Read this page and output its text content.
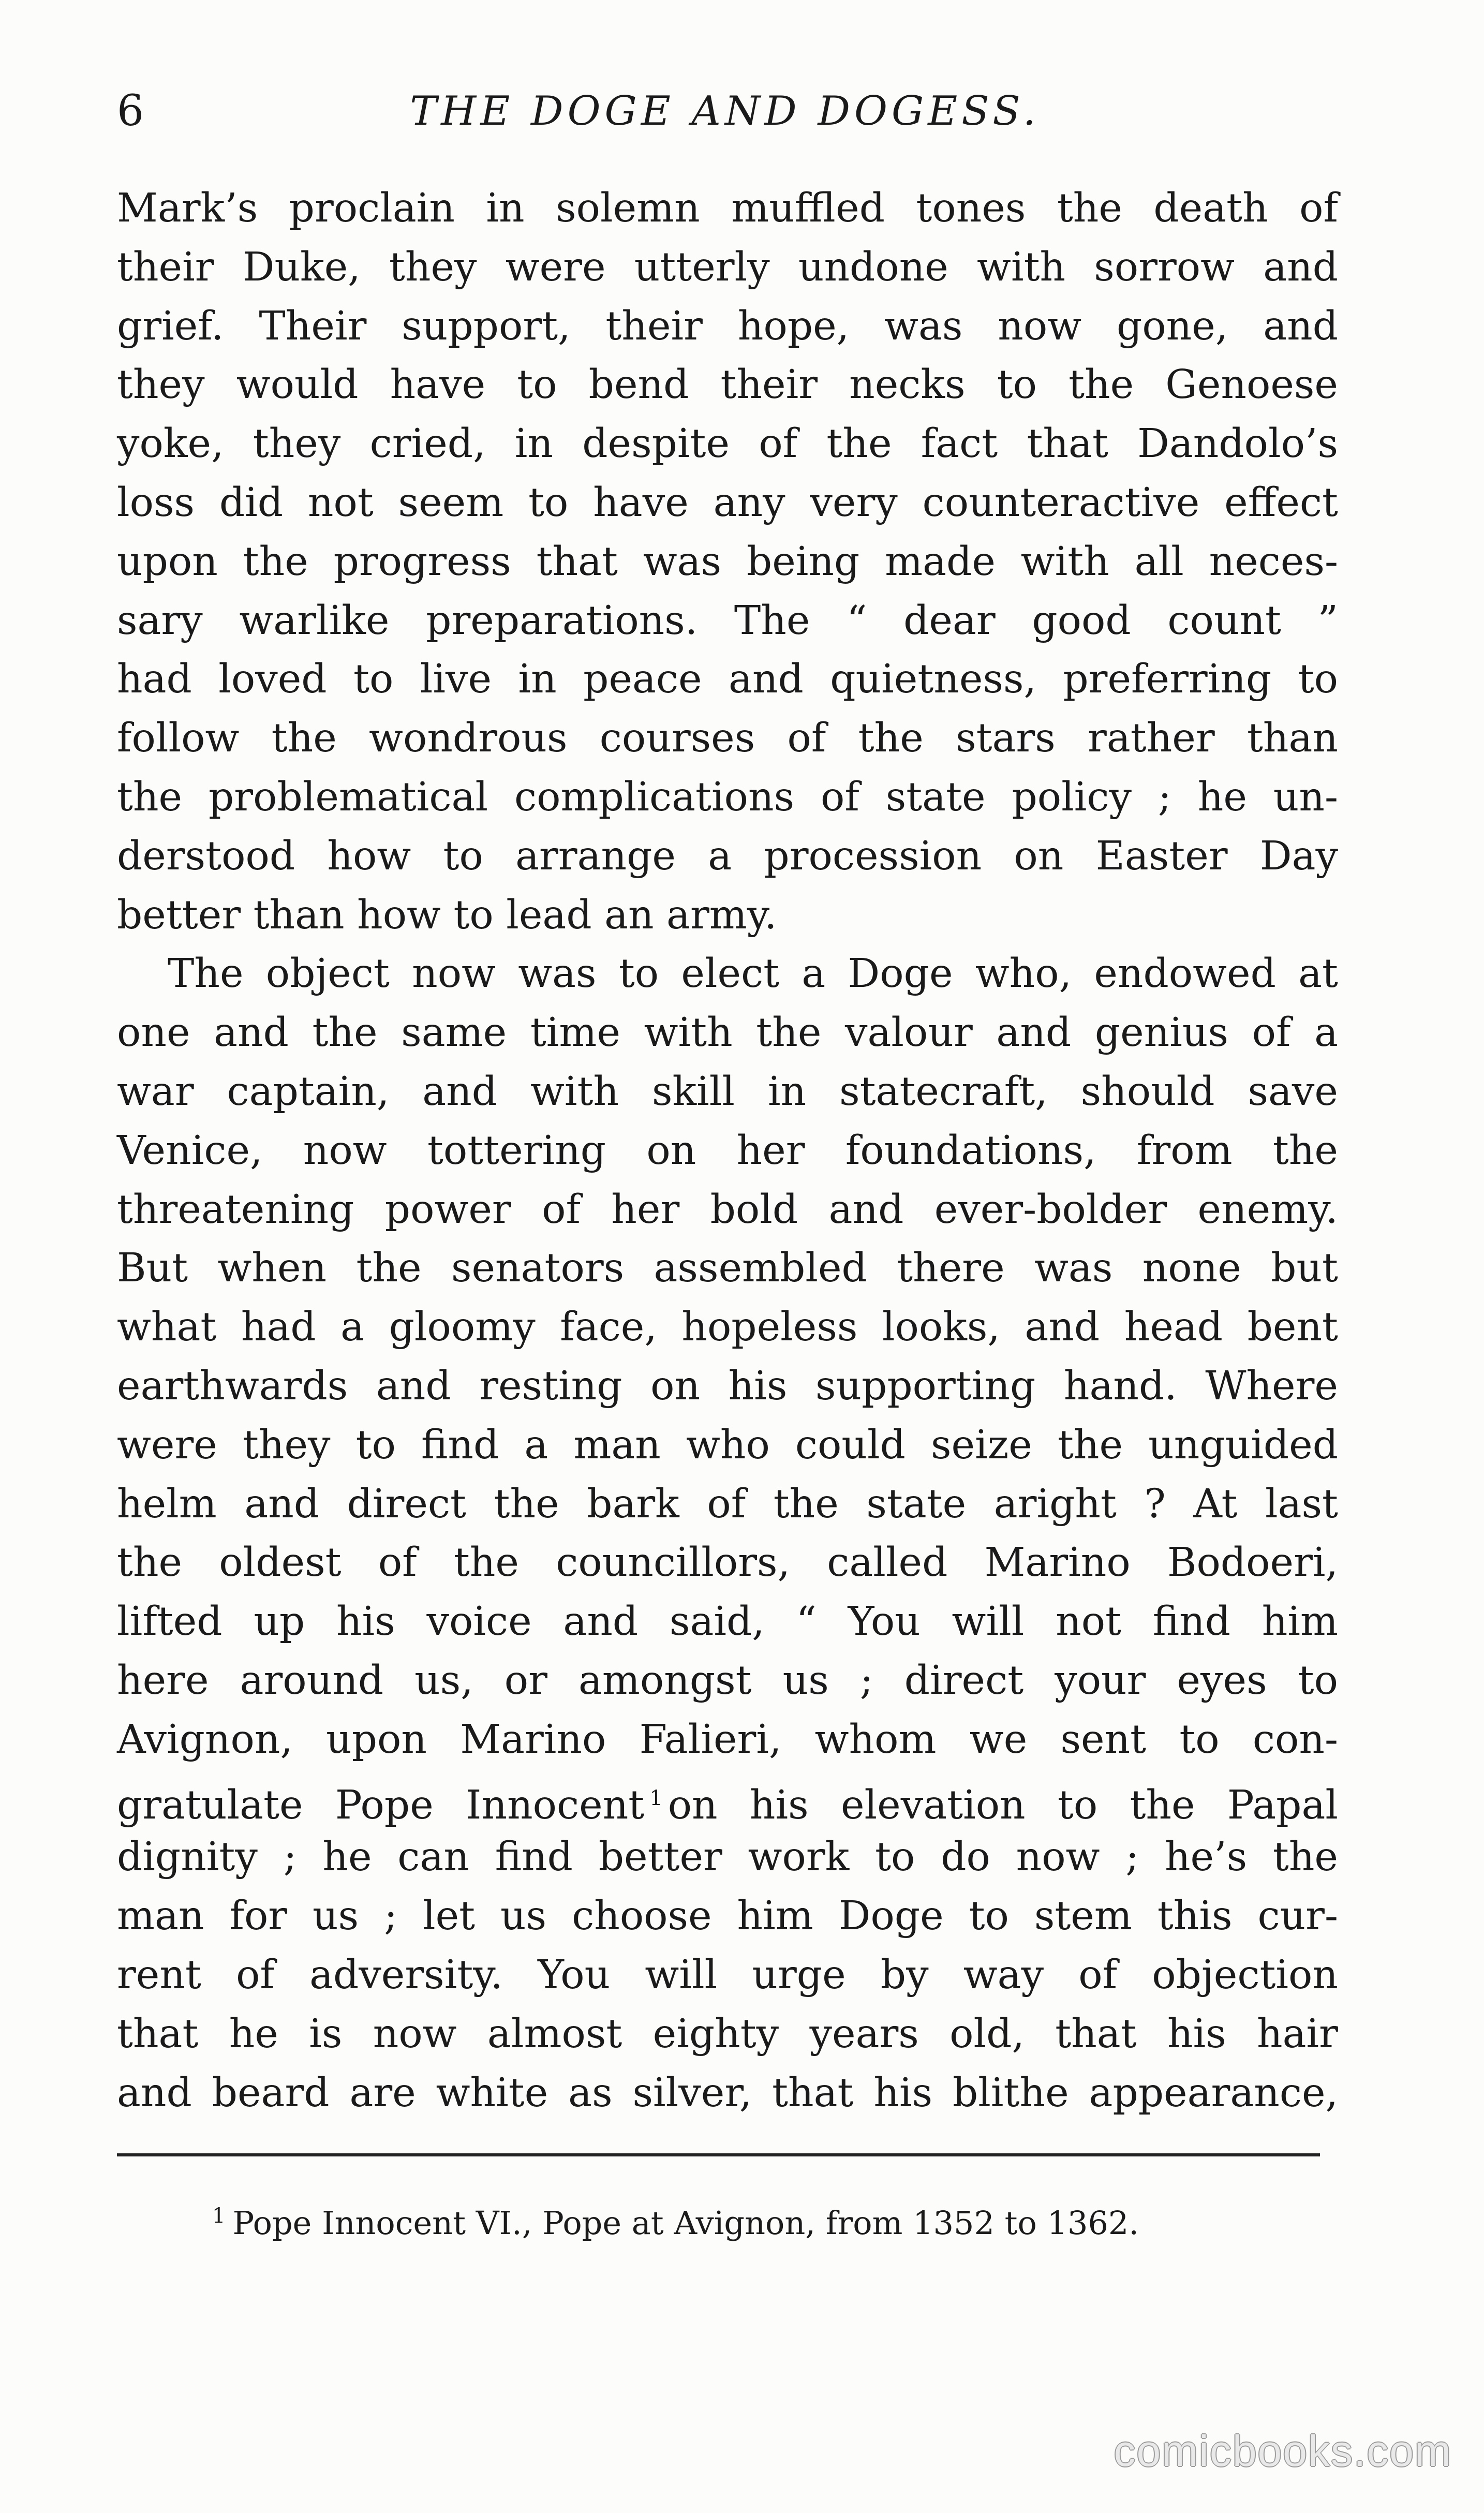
6	THE DOGE AND DOGESS.
Mark’s proclain in solemn muffled tones the death of
their Duke, they were utterly undone with sorrow and
grief. Their support, their hope, was now gone, and
they would have to bend their necks to the Genoese
yoke, they cried, in despite of the fact that Dandolo’s
loss did not seem to have any very counteractive effect
upon the progress that was being made with all neces-
sary warlike preparations. The “ dear good count ”
had loved to live in peace and quietness, preferring to
follow the wondrous courses of the stars rather than
the problematical complications of state policy ; he un-
derstood how to arrange a procession on Easter Day
better than how to lead an army.
The object now was to elect a Doge who, endowed at
one and the same time with the valour and genius of a
war captain, and with skill in statecraft, should save
Venice, now tottering on her foundations, from the
threatening power of her bold and ever-bolder enemy.
But when the senators assembled there was none but
what had a gloomy face, hopeless looks, and head bent
earthwards and resting on his supporting hand. Where
were they to find a man who could seize the unguided
helm and direct the bark of the state aright ? At last
the oldest of the councillors, called Marino Bodoeri,
lifted up his voice and said, “ You will not find him
here around us, or amongst us ; direct your eyes to
Avignon, upon Marino Falieri, whom we sent to con-
gratulate Pope Innocent $^1$ on his elevation to the Papal
dignity ; he can find better work to do now ; he’s the
man for us ; let us choose him Doge to stem this cur-
rent of adversity. You will urge by way of objection
that he is now almost eighty years old, that his hair
and beard are white as silver, that his blithe appearance,
$^1$ Pope Innocent VI., Pope at Avignon, from 1352 to 1362.
comicbooks.com
